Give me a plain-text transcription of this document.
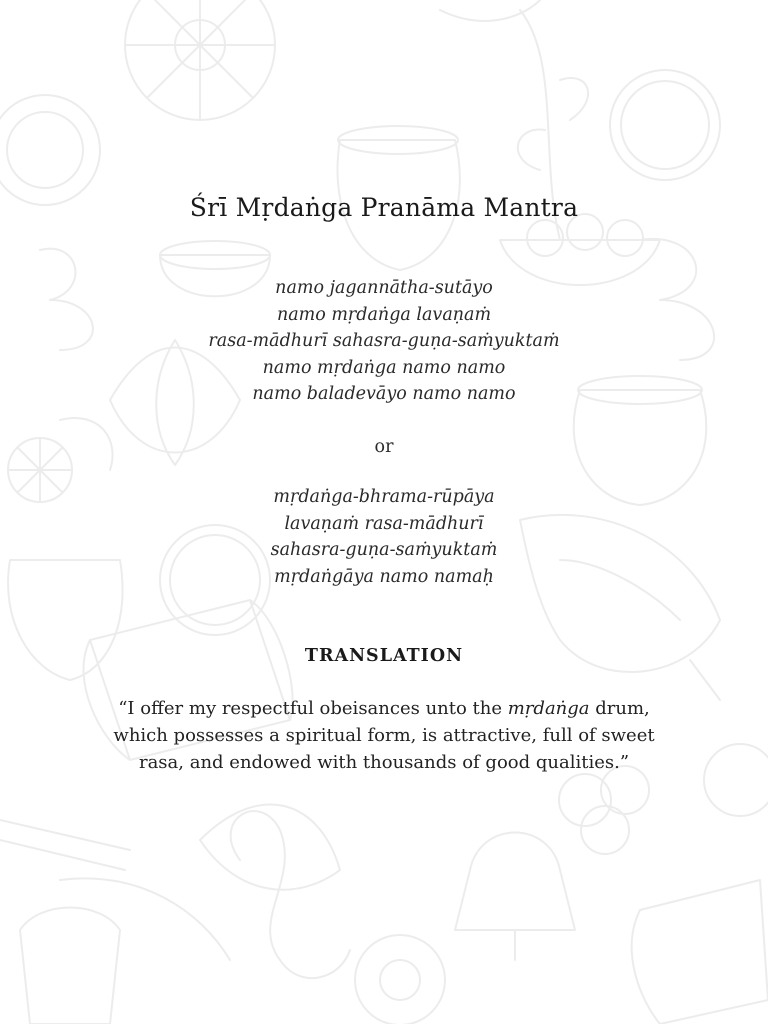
Śrī Mṛdaṅga Pranāma Mantra
namo jagannātha-sutāyo
namo mṛdaṅga lavaṇaṁ
rasa-mādhurī sahasra-guṇa-saṁyuktaṁ
namo mṛdaṅga namo namo
namo baladevāyo namo namo
or
mṛdaṅga-bhrama-rūpāya
lavaṇaṁ rasa-mādhurī
sahasra-guṇa-saṁyuktaṁ
mṛdaṅgāya namo namaḥ
TRANSLATION
“I offer my respectful obeisances unto the mṛdaṅga drum,
which possesses a spiritual form, is attractive, full of sweet
rasa, and endowed with thousands of good qualities.”
